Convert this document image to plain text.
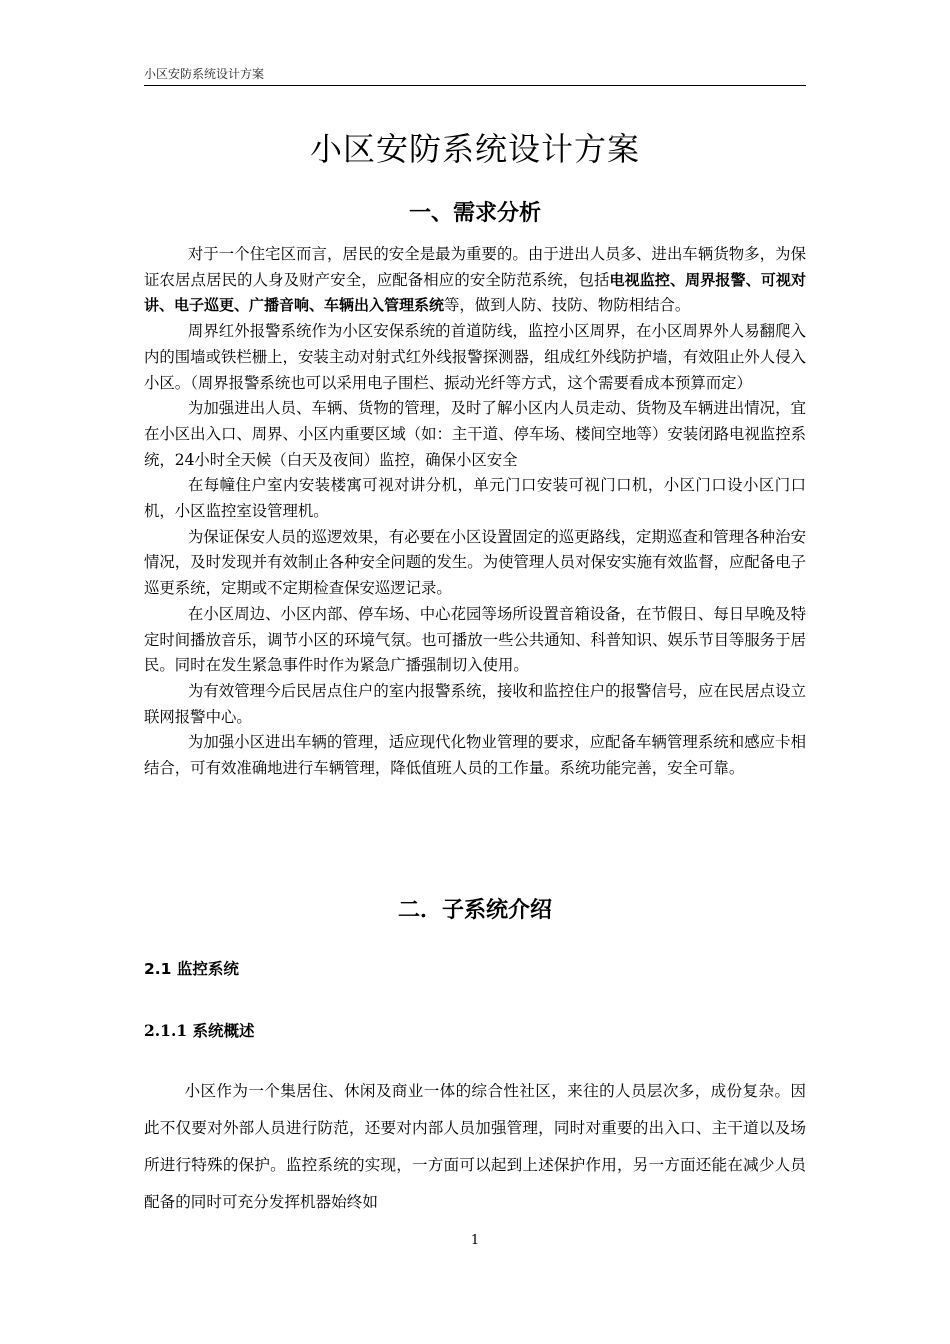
小区安防系统设计方案
小区安防系统设计方案
一、需求分析

对于一个住宅区而言，居民的安全是最为重要的。由于进出人员多、进出车辆货物多，为保证农居点居民的人身及财产安全，应配备相应的安全防范系统，包括电视监控、周界报警、可视对讲、电子巡更、广播音响、车辆出入管理系统等，做到人防、技防、物防相结合。

周界红外报警系统作为小区安保系统的首道防线，监控小区周界，在小区周界外人易翻爬入内的围墙或铁栏栅上，安装主动对射式红外线报警探测器，组成红外线防护墙，有效阻止外人侵入小区。（周界报警系统也可以采用电子围栏、振动光纤等方式，这个需要看成本预算而定）

为加强进出人员、车辆、货物的管理，及时了解小区内人员走动、货物及车辆进出情况，宜在小区出入口、周界、小区内重要区域（如：主干道、停车场、楼间空地等）安装闭路电视监控系统，24小时全天候（白天及夜间）监控，确保小区安全

在每幢住户室内安装楼寓可视对讲分机，单元门口安装可视门口机，小区门口设小区门口机，小区监控室设管理机。

为保证保安人员的巡逻效果，有必要在小区设置固定的巡更路线，定期巡查和管理各种治安情况，及时发现并有效制止各种安全问题的发生。为使管理人员对保安实施有效监督，应配备电子巡更系统，定期或不定期检查保安巡逻记录。

在小区周边、小区内部、停车场、中心花园等场所设置音箱设备，在节假日、每日早晚及特定时间播放音乐，调节小区的环境气氛。也可播放一些公共通知、科普知识、娱乐节目等服务于居民。同时在发生紧急事件时作为紧急广播强制切入使用。

为有效管理今后民居点住户的室内报警系统，接收和监控住户的报警信号，应在民居点设立联网报警中心。

为加强小区进出车辆的管理，适应现代化物业管理的要求，应配备车辆管理系统和感应卡相结合，可有效准确地进行车辆管理，降低值班人员的工作量。系统功能完善，安全可靠。

二．子系统介绍
2.1 监控系统
2.1.1 系统概述

小区作为一个集居住、休闲及商业一体的综合性社区，来往的人员层次多，成份复杂。因此不仅要对外部人员进行防范，还要对内部人员加强管理，同时对重要的出入口、主干道以及场所进行特殊的保护。监控系统的实现，一方面可以起到上述保护作用，另一方面还能在减少人员配备的同时可充分发挥机器始终如

1
